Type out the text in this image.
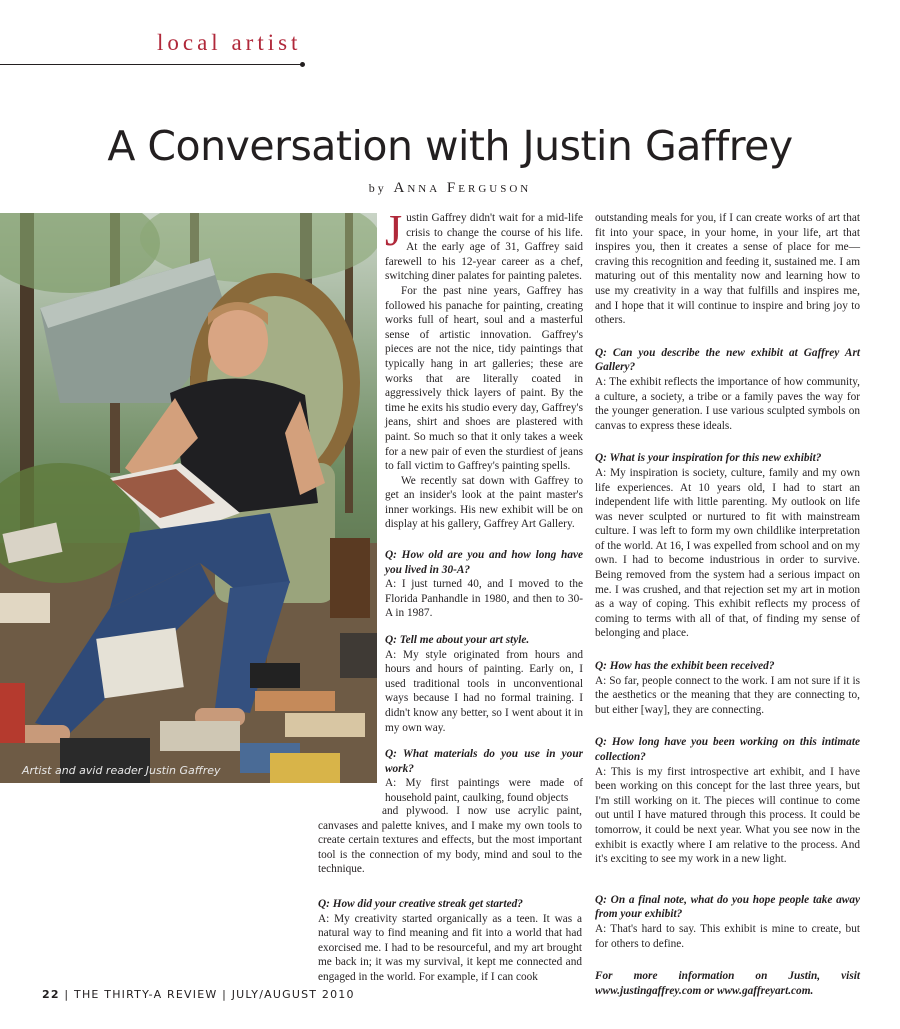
local artist
A Conversation with Justin Gaffrey
by Anna Ferguson
Artist and avid reader Justin Gaffrey

Justin Gaffrey didn't wait for a mid-life crisis to change the course of his life. At the early age of 31, Gaffrey said farewell to his 12-year career as a chef, switching diner palates for painting paletes.

For the past nine years, Gaffrey has followed his panache for painting, creating works full of heart, soul and a masterful sense of artistic innovation. Gaffrey's pieces are not the nice, tidy paintings that typically hang in art galleries; these are works that are literally coated in aggressively thick layers of paint. By the time he exits his studio every day, Gaffrey's jeans, shirt and shoes are plastered with paint. So much so that it only takes a week for a new pair of even the sturdiest of jeans to fall victim to Gaffrey's painting spells.

We recently sat down with Gaffrey to get an insider's look at the paint master's inner workings. His new exhibit will be on display at his gallery, Gaffrey Art Gallery.

Q: How old are you and how long have you lived in 30-A?

A: I just turned 40, and I moved to the Florida Panhandle in 1980, and then to 30-A in 1987.

Q: Tell me about your art style.

A: My style originated from hours and hours and hours of painting. Early on, I used traditional tools in unconventional ways because I had no formal training. I didn't know any better, so I went about it in my own way.

Q: What materials do you use in your work?

A: My first paintings were made of household paint, caulking, found objects

and plywood. I now use acrylic paint, canvases and palette knives, and I make my own tools to create certain textures and effects, but the most important tool is the connection of my body, mind and soul to the technique.

Q: How did your creative streak get started?

A: My creativity started organically as a teen. It was a natural way to find meaning and fit into a world that had exorcised me. I had to be resourceful, and my art brought me back in; it was my survival, it kept me connected and engaged in the world. For example, if I can cook

outstanding meals for you, if I can create works of art that fit into your space, in your home, in your life, art that inspires you, then it creates a sense of place for me—craving this recognition and feeding it, sustained me. I am maturing out of this mentality now and learning how to use my creativity in a way that fulfills and inspires me, and I hope that it will continue to inspire and bring joy to others.

Q: Can you describe the new exhibit at Gaffrey Art Gallery?

A: The exhibit reflects the importance of how community, a culture, a society, a tribe or a family paves the way for the younger generation. I use various sculpted symbols on canvas to express these ideals.

Q: What is your inspiration for this new exhibit?

A: My inspiration is society, culture, family and my own life experiences. At 10 years old, I had to start an independent life with little parenting. My outlook on life was never sculpted or nurtured to fit with mainstream culture. I was left to form my own childlike interpretation of the world. At 16, I was expelled from school and on my own. I had to become industrious in order to survive. Being removed from the system had a serious impact on me. I was crushed, and that rejection set my art in motion as a way of coping. This exhibit reflects my process of coming to terms with all of that, of finding my sense of belonging and place.

Q: How has the exhibit been received?

A: So far, people connect to the work. I am not sure if it is the aesthetics or the meaning that they are connecting to, but either [way], they are connecting.

Q: How long have you been working on this intimate collection?

A: This is my first introspective art exhibit, and I have been working on this concept for the last three years, but I'm still working on it. The pieces will continue to come out until I have matured through this process. It could be tomorrow, it could be next year. What you see now in the exhibit is exactly where I am relative to the process. And it's exciting to see my work in a new light.

Q: On a final note, what do you hope people take away from your exhibit?

A: That's hard to say. This exhibit is mine to create, but for others to define.

For more information on Justin, visit www.justingaffrey.com or www.gaffreyart.com.

22 | THE THIRTY-A REVIEW | JULY/AUGUST 2010
